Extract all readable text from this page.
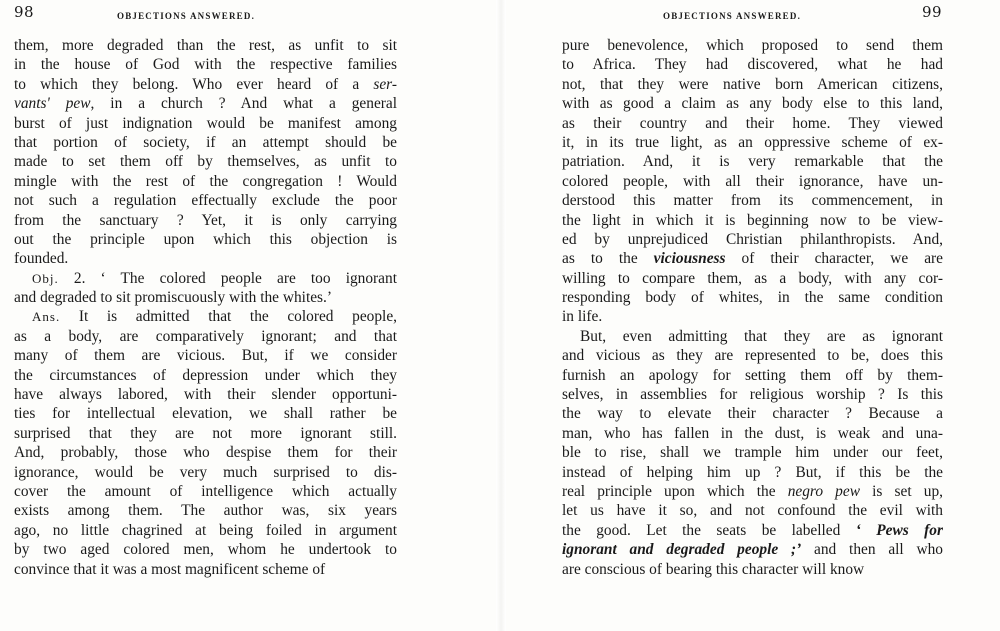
98	OBJECTIONS ANSWERED.
them, more degraded than the rest, as unfit to sit
in the house of God with the respective families
to which they belong. Who ever heard of a ser-
vants' pew, in a church ? And what a general
burst of just indignation would be manifest among
that portion of society, if an attempt should be
made to set them off by themselves, as unfit to
mingle with the rest of the congregation ! Would
not such a regulation effectually exclude the poor
from the sanctuary ? Yet, it is only carrying
out the principle upon which this objection is
founded.
Obj. 2. ‘ The colored people are too ignorant
and degraded to sit promiscuously with the whites.’
Ans. It is admitted that the colored people,
as a body, are comparatively ignorant; and that
many of them are vicious. But, if we consider
the circumstances of depression under which they
have always labored, with their slender opportuni-
ties for intellectual elevation, we shall rather be
surprised that they are not more ignorant still.
And, probably, those who despise them for their
ignorance, would be very much surprised to dis-
cover the amount of intelligence which actually
exists among them. The author was, six years
ago, no little chagrined at being foiled in argument
by two aged colored men, whom he undertook to
convince that it was a most magnificent scheme of
OBJECTIONS ANSWERED.	99
pure benevolence, which proposed to send them
to Africa. They had discovered, what he had
not, that they were native born American citizens,
with as good a claim as any body else to this land,
as their country and their home. They viewed
it, in its true light, as an oppressive scheme of ex-
patriation. And, it is very remarkable that the
colored people, with all their ignorance, have un-
derstood this matter from its commencement, in
the light in which it is beginning now to be view-
ed by unprejudiced Christian philanthropists. And,
as to the viciousness of their character, we are
willing to compare them, as a body, with any cor-
responding body of whites, in the same condition
in life.
But, even admitting that they are as ignorant
and vicious as they are represented to be, does this
furnish an apology for setting them off by them-
selves, in assemblies for religious worship ? Is this
the way to elevate their character ? Because a
man, who has fallen in the dust, is weak and una-
ble to rise, shall we trample him under our feet,
instead of helping him up ? But, if this be the
real principle upon which the negro pew is set up,
let us have it so, and not confound the evil with
the good. Let the seats be labelled ‘ Pews for
ignorant and degraded people ;’ and then all who
are conscious of bearing this character will know
